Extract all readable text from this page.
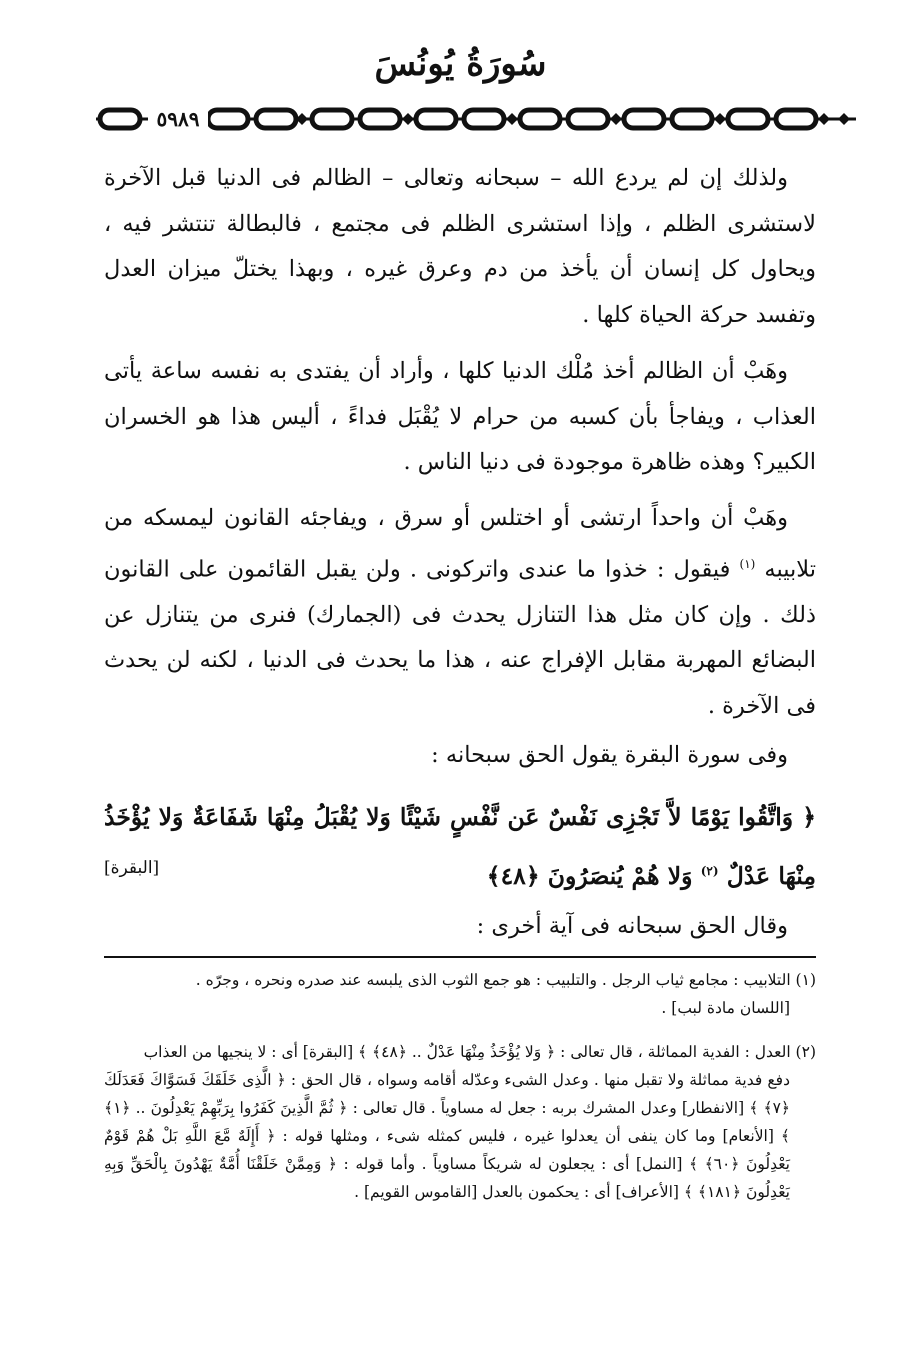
سُورَةُ يُونُسَ
٥٩٨٩
ولذلك إن لم يردع الله – سبحانه وتعالى – الظالم فى الدنيا قبل الآخرة لاستشرى الظلم ، وإذا استشرى الظلم فى مجتمع ، فالبطالة تنتشر فيه ، ويحاول كل إنسان أن يأخذ من دم وعرق غيره ، وبهذا يختلّ ميزان العدل وتفسد حركة الحياة كلها .
وهَبْ أن الظالم أخذ مُلْك الدنيا كلها ، وأراد أن يفتدى به نفسه ساعة يأتى العذاب ، ويفاجأ بأن كسبه من حرام لا يُقْبَل فداءً ، أليس هذا هو الخسران الكبير؟ وهذه ظاهرة موجودة فى دنيا الناس .
وهَبْ أن واحداً ارتشى أو اختلس أو سرق ، ويفاجئه القانون ليمسكه من تلابيبه $^{(١)}$ فيقول : خذوا ما عندى واتركونى . ولن يقبل القائمون على القانون ذلك . وإن كان مثل هذا التنازل يحدث فى (الجمارك) فنرى من يتنازل عن البضائع المهربة مقابل الإفراج عنه ، هذا ما يحدث فى الدنيا ، لكنه لن يحدث فى الآخرة .
وفى سورة البقرة يقول الحق سبحانه :
﴿ وَاتَّقُوا يَوْمًا لاَّ تَجْزِى نَفْسٌ عَن نَّفْسٍ شَيْئًا وَلا يُقْبَلُ مِنْهَا شَفَاعَةٌ وَلا يُؤْخَذُ مِنْهَا عَدْلٌ $^{(٢)}$ وَلا هُمْ يُنصَرُونَ ﴿٤٨﴾
[البقرة]
وقال الحق سبحانه فى آية أخرى :
(١) التلابيب : مجامع ثياب الرجل . والتلبيب : هو جمع الثوب الذى يلبسه عند صدره ونحره ، وجرّه .
[اللسان مادة لبب] .
(٢) العدل : الفدية المماثلة ، قال تعالى : ﴿ وَلا يُؤْخَذُ مِنْهَا عَدْلٌ .. ﴿٤٨﴾ ﴾ [البقرة] أى : لا ينجيها من العذاب
دفع فدية مماثلة ولا تقبل منها . وعدل الشىء وعدّله أقامه وسواه ، قال الحق : ﴿ الَّذِى خَلَقَكَ فَسَوَّاكَ فَعَدَلَكَ ﴿٧﴾ ﴾ [الانفطار] وعدل المشرك بربه : جعل له مساوياً . قال تعالى : ﴿ ثُمَّ الَّذِينَ كَفَرُوا بِرَبِّهِمْ يَعْدِلُونَ .. ﴿١﴾ ﴾ [الأنعام] وما كان ينفى أن يعدلوا غيره ، فليس كمثله شىء ، ومثلها قوله : ﴿ أَإِلَهٌ مَّعَ اللَّهِ بَلْ هُمْ قَوْمٌ يَعْدِلُونَ ﴿٦٠﴾ ﴾ [النمل] أى : يجعلون له شريكاً مساوياً . وأما قوله : ﴿ وَمِمَّنْ خَلَقْنَا أُمَّةٌ يَهْدُونَ بِالْحَقِّ وَبِهِ يَعْدِلُونَ ﴿١٨١﴾ ﴾ [الأعراف] أى : يحكمون بالعدل [القاموس القويم] .
